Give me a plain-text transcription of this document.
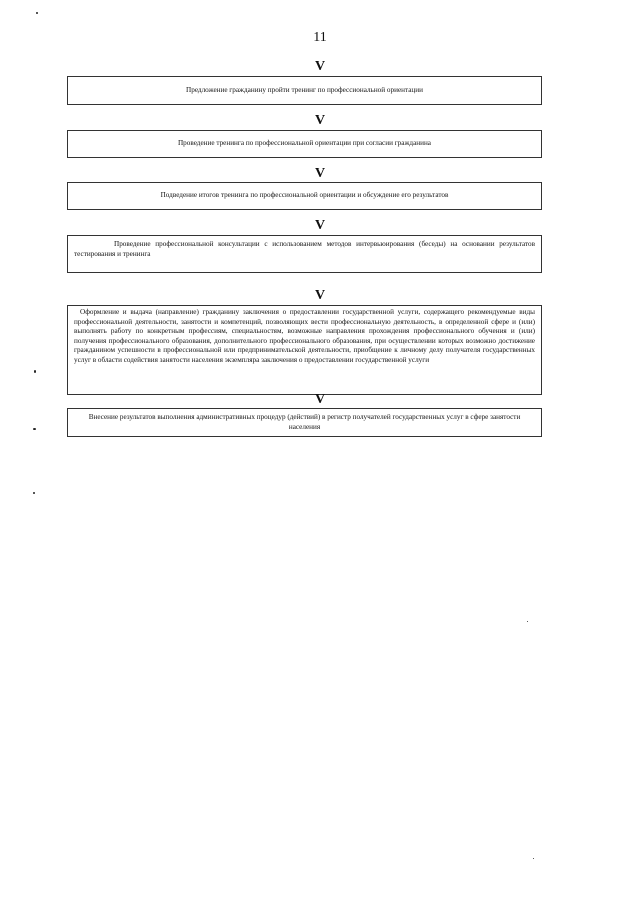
11
V
Предложение гражданину пройти тренинг по профессиональной ориентации
V
Проведение тренинга по профессиональной ориентации при согласии гражданина
V
Подведение итогов тренинга по профессиональной ориентации и обсуждение его результатов
V
Проведение профессиональной консультации с использованием методов интервьюирования (беседы) на основании результатов тестирования и тренинга
V
Оформление и выдача (направление) гражданину заключения о предоставлении государственной услуги, содержащего рекомендуемые виды профессиональной деятельности, занятости и компетенций, позволяющих вести профессиональную деятельность, в определенной сфере и (или) выполнять работу по конкретным профессиям, специальностям, возможные направления прохождения профессионального обучения и (или) получения профессионального образования, дополнительного профессионального образования, при осуществлении которых возможно достижение гражданином успешности в профессиональной или предпринимательской деятельности, приобщение к личному делу получателя государственных услуг в области содействия занятости населения экземпляра заключения о предоставлении государственной услуги
V
Внесение результатов выполнения административных процедур (действий) в регистр получателей государственных услуг в сфере занятости населения
